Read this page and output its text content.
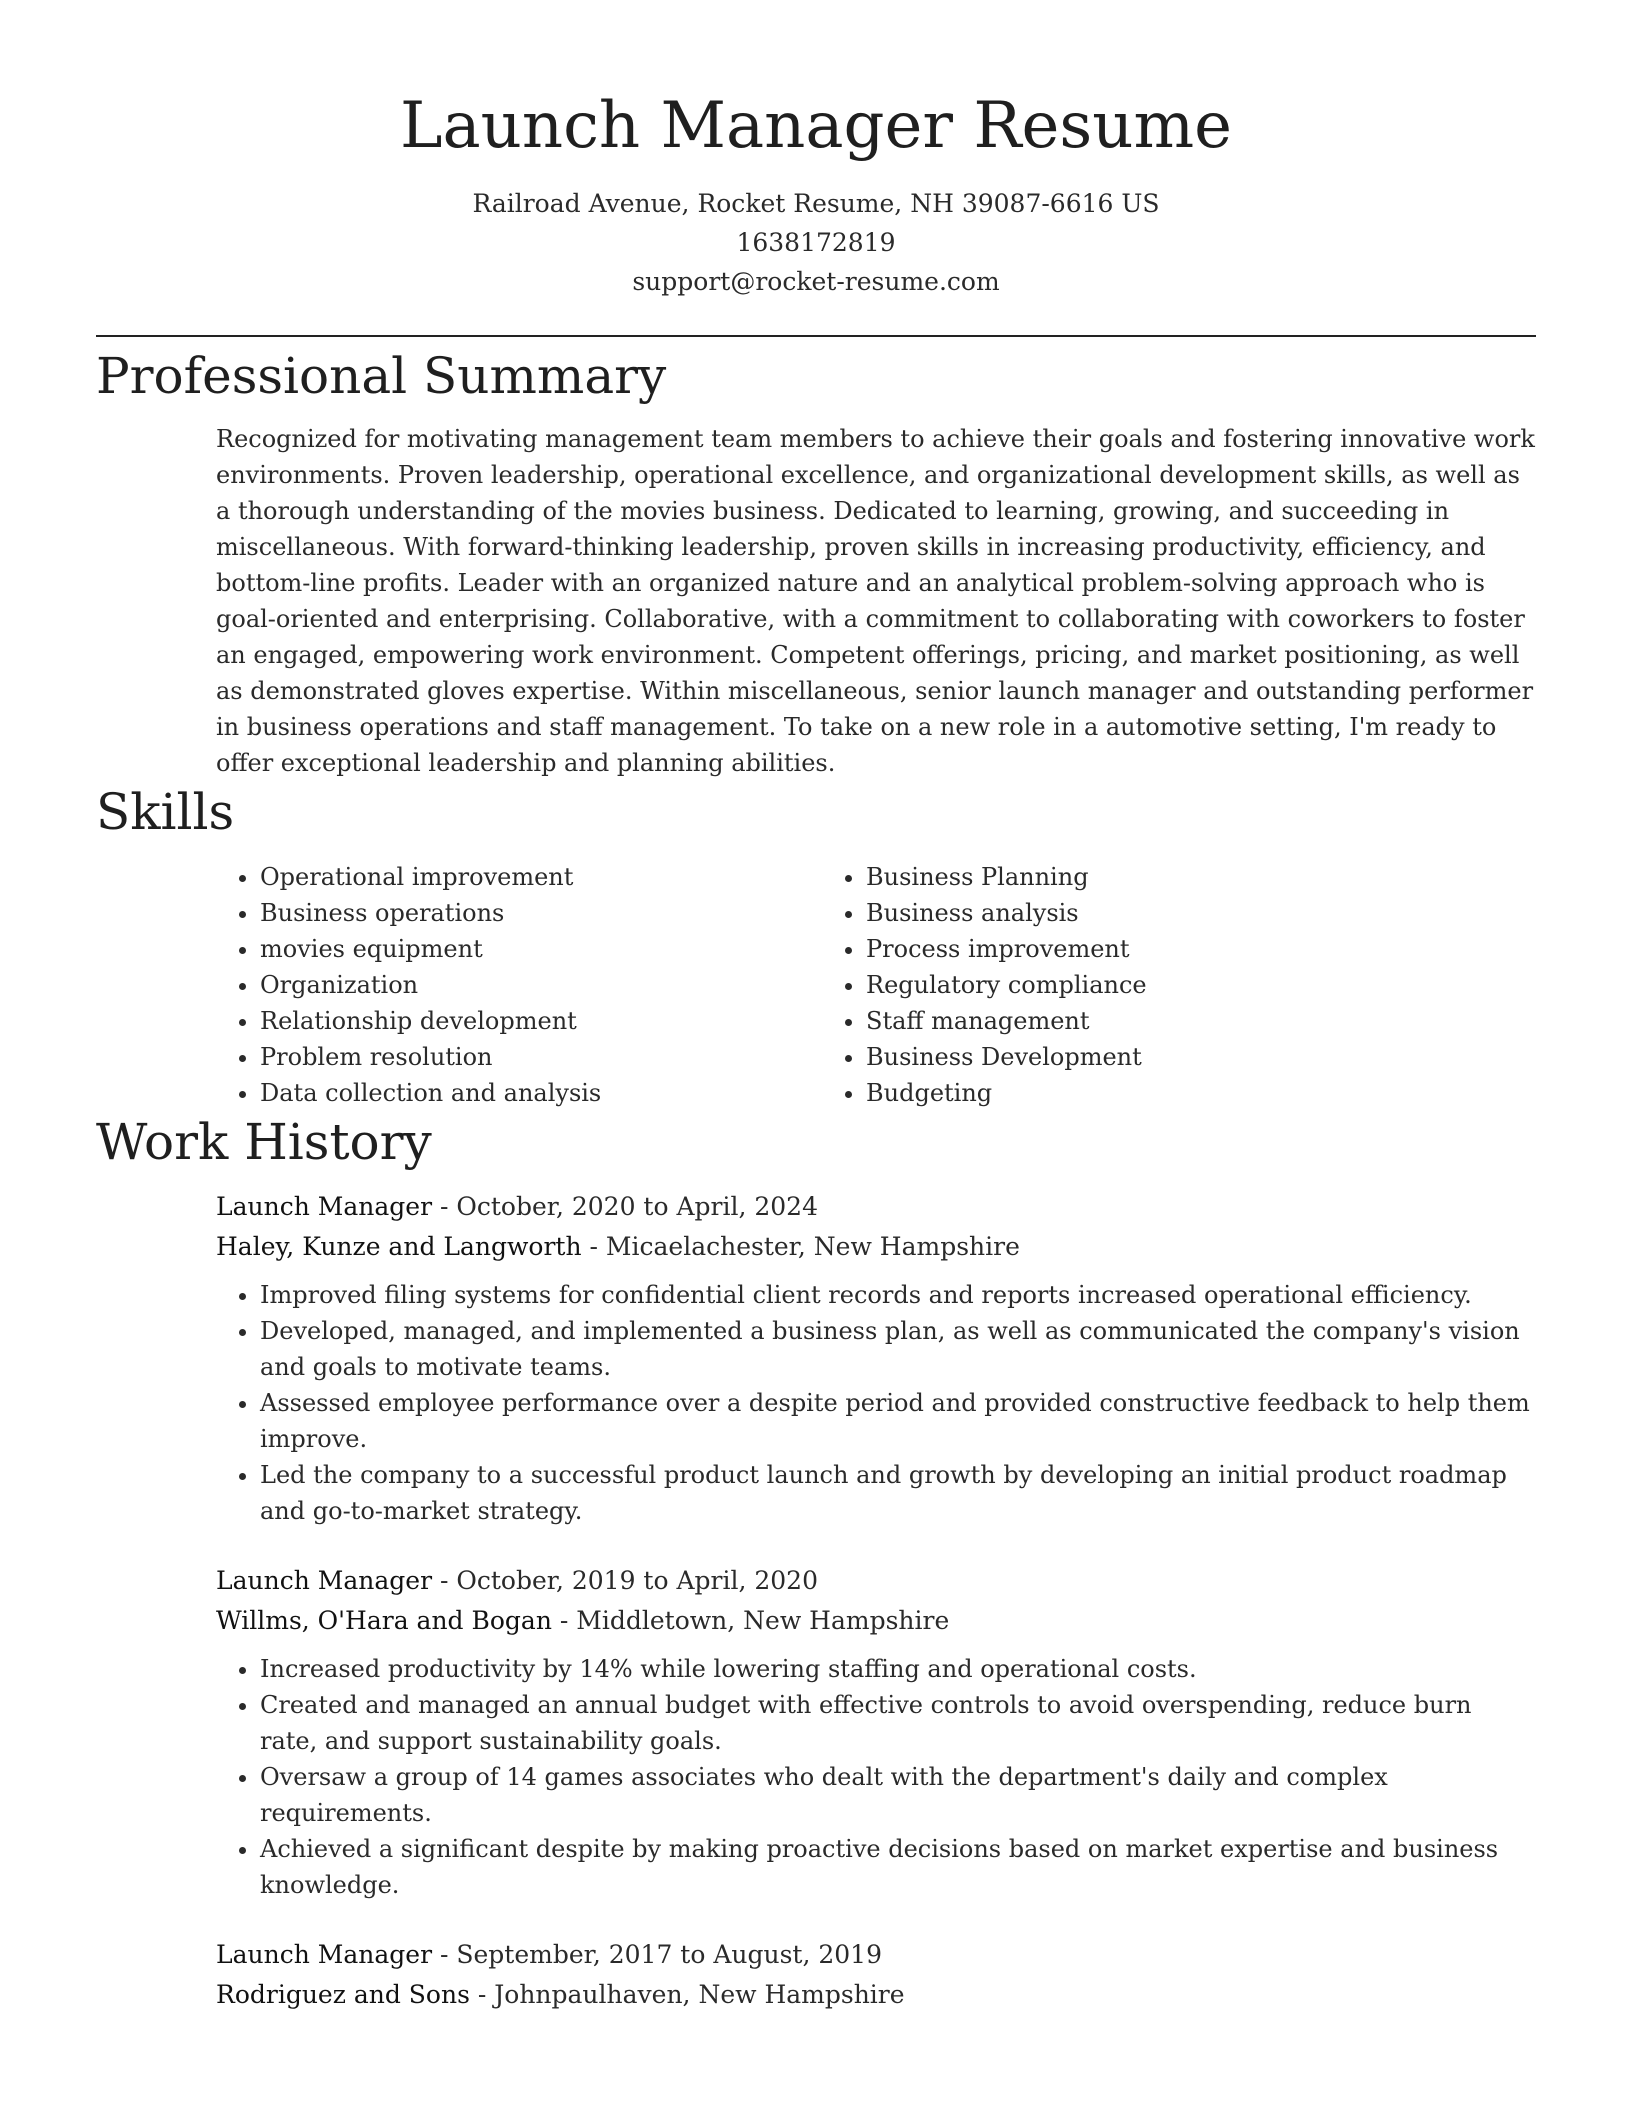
Launch Manager Resume
Railroad Avenue, Rocket Resume, NH 39087-6616 US
1638172819
support@rocket-resume.com
Professional Summary

Recognized for motivating management team members to achieve their goals and fostering innovative work environments. Proven leadership, operational excellence, and organizational development skills, as well as a thorough understanding of the movies business. Dedicated to learning, growing, and succeeding in miscellaneous. With forward-thinking leadership, proven skills in increasing productivity, efficiency, and bottom-line profits. Leader with an organized nature and an analytical problem-solving approach who is goal-oriented and enterprising. Collaborative, with a commitment to collaborating with coworkers to foster an engaged, empowering work environment. Competent offerings, pricing, and market positioning, as well as demonstrated gloves expertise. Within miscellaneous, senior launch manager and outstanding performer in business operations and staff management. To take on a new role in a automotive setting, I'm ready to offer exceptional leadership and planning abilities.

Skills
• Operational improvement
• Business operations
• movies equipment
• Organization
• Relationship development
• Problem resolution
• Data collection and analysis
• Business Planning
• Business analysis
• Process improvement
• Regulatory compliance
• Staff management
• Business Development
• Budgeting
Work History
Launch Manager - October, 2020 to April, 2024
Haley, Kunze and Langworth - Micaelachester, New Hampshire
• Improved filing systems for confidential client records and reports increased operational efficiency.
• Developed, managed, and implemented a business plan, as well as communicated the company's vision and goals to motivate teams.
• Assessed employee performance over a despite period and provided constructive feedback to help them improve.
• Led the company to a successful product launch and growth by developing an initial product roadmap and go-to-market strategy.
Launch Manager - October, 2019 to April, 2020
Willms, O'Hara and Bogan - Middletown, New Hampshire
• Increased productivity by 14% while lowering staffing and operational costs.
• Created and managed an annual budget with effective controls to avoid overspending, reduce burn rate, and support sustainability goals.
• Oversaw a group of 14 games associates who dealt with the department's daily and complex requirements.
• Achieved a significant despite by making proactive decisions based on market expertise and business knowledge.
Launch Manager - September, 2017 to August, 2019
Rodriguez and Sons - Johnpaulhaven, New Hampshire
